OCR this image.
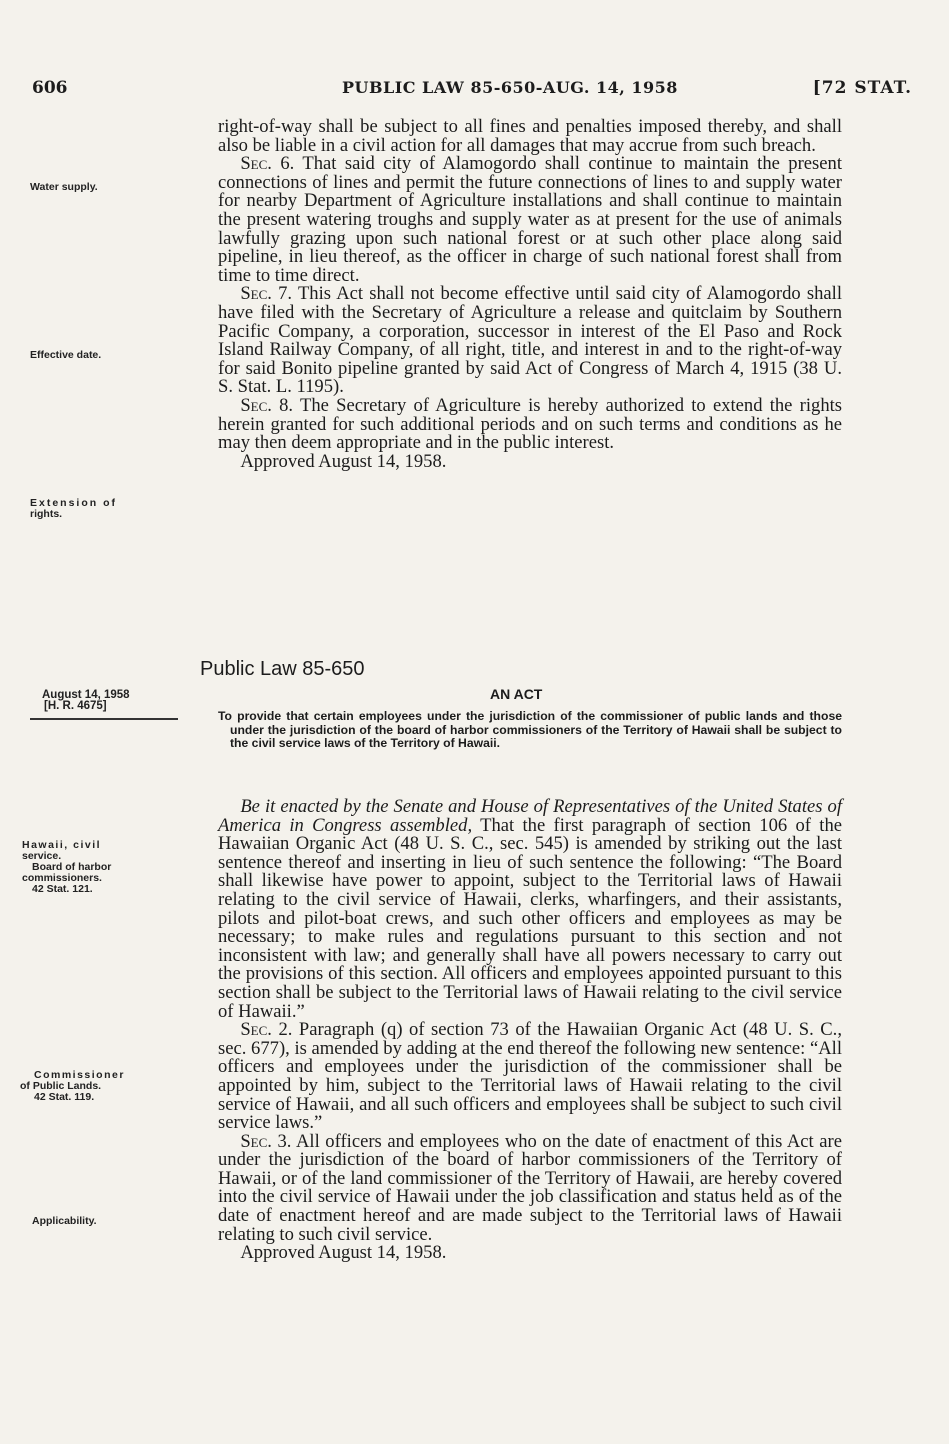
606	PUBLIC LAW 85-650-AUG. 14, 1958	[72 STAT.

right-of-way shall be subject to all fines and penalties imposed thereby, and shall also be liable in a civil action for all damages that may accrue from such breach.

Sec. 6. That said city of Alamogordo shall continue to maintain the present connections of lines and permit the future connections of lines to and supply water for nearby Department of Agriculture installations and shall continue to maintain the present watering troughs and supply water as at present for the use of animals lawfully grazing upon such national forest or at such other place along said pipeline, in lieu thereof, as the officer in charge of such national forest shall from time to time direct.

Sec. 7. This Act shall not become effective until said city of Alamogordo shall have filed with the Secretary of Agriculture a release and quitclaim by Southern Pacific Company, a corporation, successor in interest of the El Paso and Rock Island Railway Company, of all right, title, and interest in and to the right-of-way for said Bonito pipeline granted by said Act of Congress of March 4, 1915 (38 U. S. Stat. L. 1195).

Sec. 8. The Secretary of Agriculture is hereby authorized to extend the rights herein granted for such additional periods and on such terms and conditions as he may then deem appropriate and in the public interest.

Approved August 14, 1958.

Water supply.
Effective date.
Extension of
rights.
Public Law 85-650
August 14, 1958
[H. R. 4675]
AN ACT
To provide that certain employees under the jurisdiction of the commissioner of public lands and those under the jurisdiction of the board of harbor commissioners of the Territory of Hawaii shall be subject to the civil service laws of the Territory of Hawaii.

Be it enacted by the Senate and House of Representatives of the United States of America in Congress assembled, That the first paragraph of section 106 of the Hawaiian Organic Act (48 U. S. C., sec. 545) is amended by striking out the last sentence thereof and inserting in lieu of such sentence the following: “The Board shall likewise have power to appoint, subject to the Territorial laws of Hawaii relating to the civil service of Hawaii, clerks, wharfingers, and their assistants, pilots and pilot-boat crews, and such other officers and employees as may be necessary; to make rules and regulations pursuant to this section and not inconsistent with law; and generally shall have all powers necessary to carry out the provisions of this section. All officers and employees appointed pursuant to this section shall be subject to the Territorial laws of Hawaii relating to the civil service of Hawaii.”

Sec. 2. Paragraph (q) of section 73 of the Hawaiian Organic Act (48 U. S. C., sec. 677), is amended by adding at the end thereof the following new sentence: “All officers and employees under the jurisdiction of the commissioner shall be appointed by him, subject to the Territorial laws of Hawaii relating to the civil service of Hawaii, and all such officers and employees shall be subject to such civil service laws.”

Sec. 3. All officers and employees who on the date of enactment of this Act are under the jurisdiction of the board of harbor commissioners of the Territory of Hawaii, or of the land commissioner of the Territory of Hawaii, are hereby covered into the civil service of Hawaii under the job classification and status held as of the date of enactment hereof and are made subject to the Territorial laws of Hawaii relating to such civil service.

Approved August 14, 1958.

Hawaii, civil
service.
Board of harbor
commissioners.
42 Stat. 121.
Commissioner
of Public Lands.
42 Stat. 119.
Applicability.
